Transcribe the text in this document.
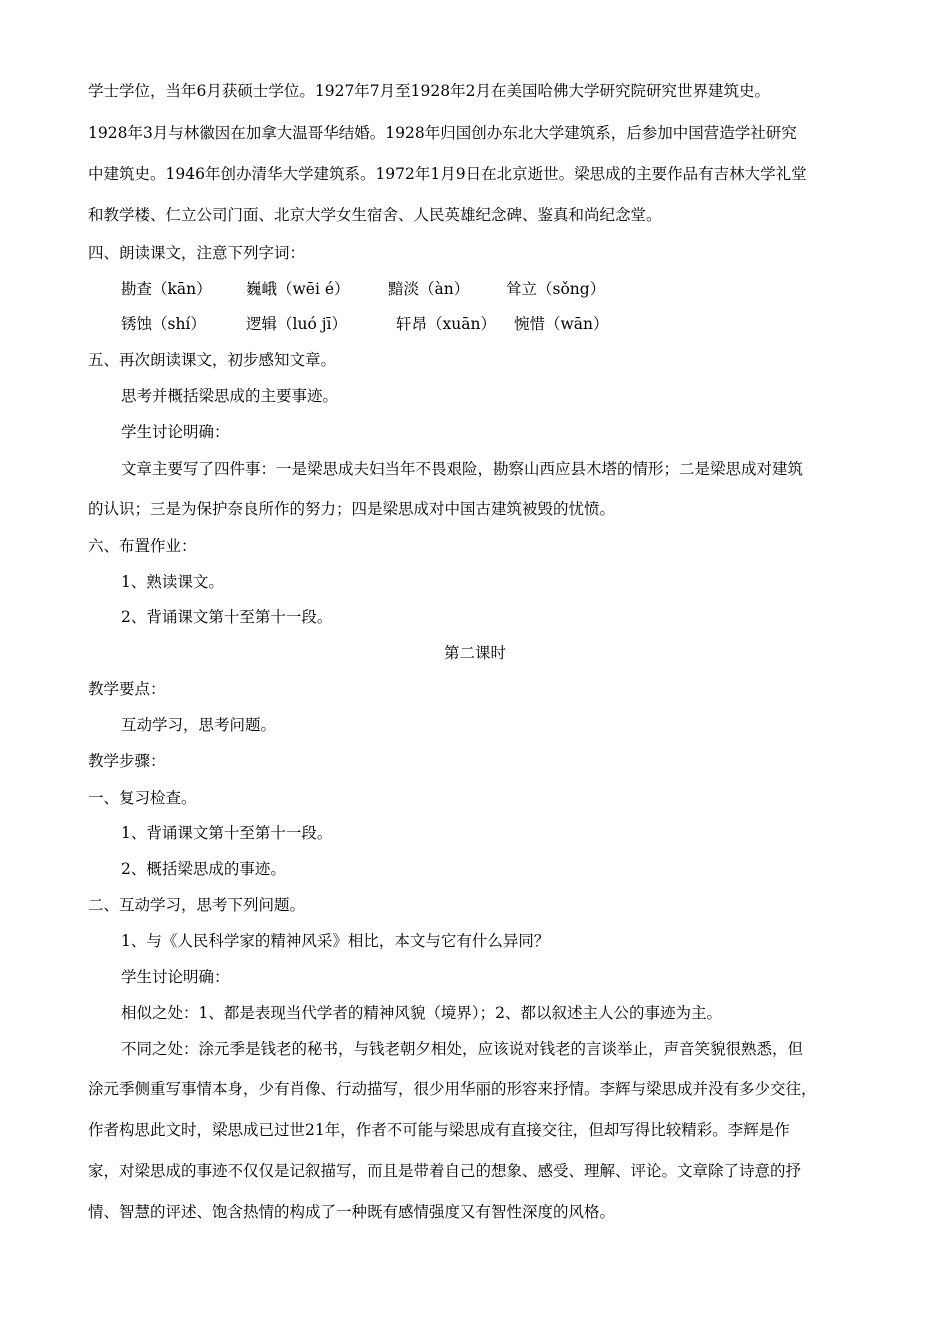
学士学位，当年6月获硕士学位。1927年7月至1928年2月在美国哈佛大学研究院研究世界建筑史。
1928年3月与林徽因在加拿大温哥华结婚。1928年归国创办东北大学建筑系，后参加中国营造学社研究
中建筑史。1946年创办清华大学建筑系。1972年1月9日在北京逝世。梁思成的主要作品有吉林大学礼堂
和教学楼、仁立公司门面、北京大学女生宿舍、人民英雄纪念碑、鉴真和尚纪念堂。
四、朗读课文，注意下列字词：
勘查（kān） 巍峨（wēi é） 黯淡（àn） 耸立（sǒng）
锈蚀（shí）	逻辑（luó jī）	轩昂（xuān） 惋惜（wān）
五、再次朗读课文，初步感知文章。
思考并概括梁思成的主要事迹。
学生讨论明确：
文章主要写了四件事：一是梁思成夫妇当年不畏艰险，勘察山西应县木塔的情形；二是梁思成对建筑
的认识；三是为保护奈良所作的努力；四是梁思成对中国古建筑被毁的忧愤。
六、布置作业：
1、熟读课文。
2、背诵课文第十至第十一段。
第二课时
教学要点：
互动学习，思考问题。
教学步骤：
一、复习检查。
1、背诵课文第十至第十一段。
2、概括梁思成的事迹。
二、互动学习，思考下列问题。
1、与《人民科学家的精神风采》相比，本文与它有什么异同？
学生讨论明确：
相似之处：1、都是表现当代学者的精神风貌（境界）；2、都以叙述主人公的事迹为主。
不同之处：涂元季是钱老的秘书，与钱老朝夕相处，应该说对钱老的言谈举止，声音笑貌很熟悉，但
涂元季侧重写事情本身，少有肖像、行动描写，很少用华丽的形容来抒情。李辉与梁思成并没有多少交往，
作者构思此文时，梁思成已过世21年，作者不可能与梁思成有直接交往，但却写得比较精彩。李辉是作
家，对梁思成的事迹不仅仅是记叙描写，而且是带着自己的想象、感受、理解、评论。文章除了诗意的抒
情、智慧的评述、饱含热情的构成了一种既有感情强度又有智性深度的风格。
